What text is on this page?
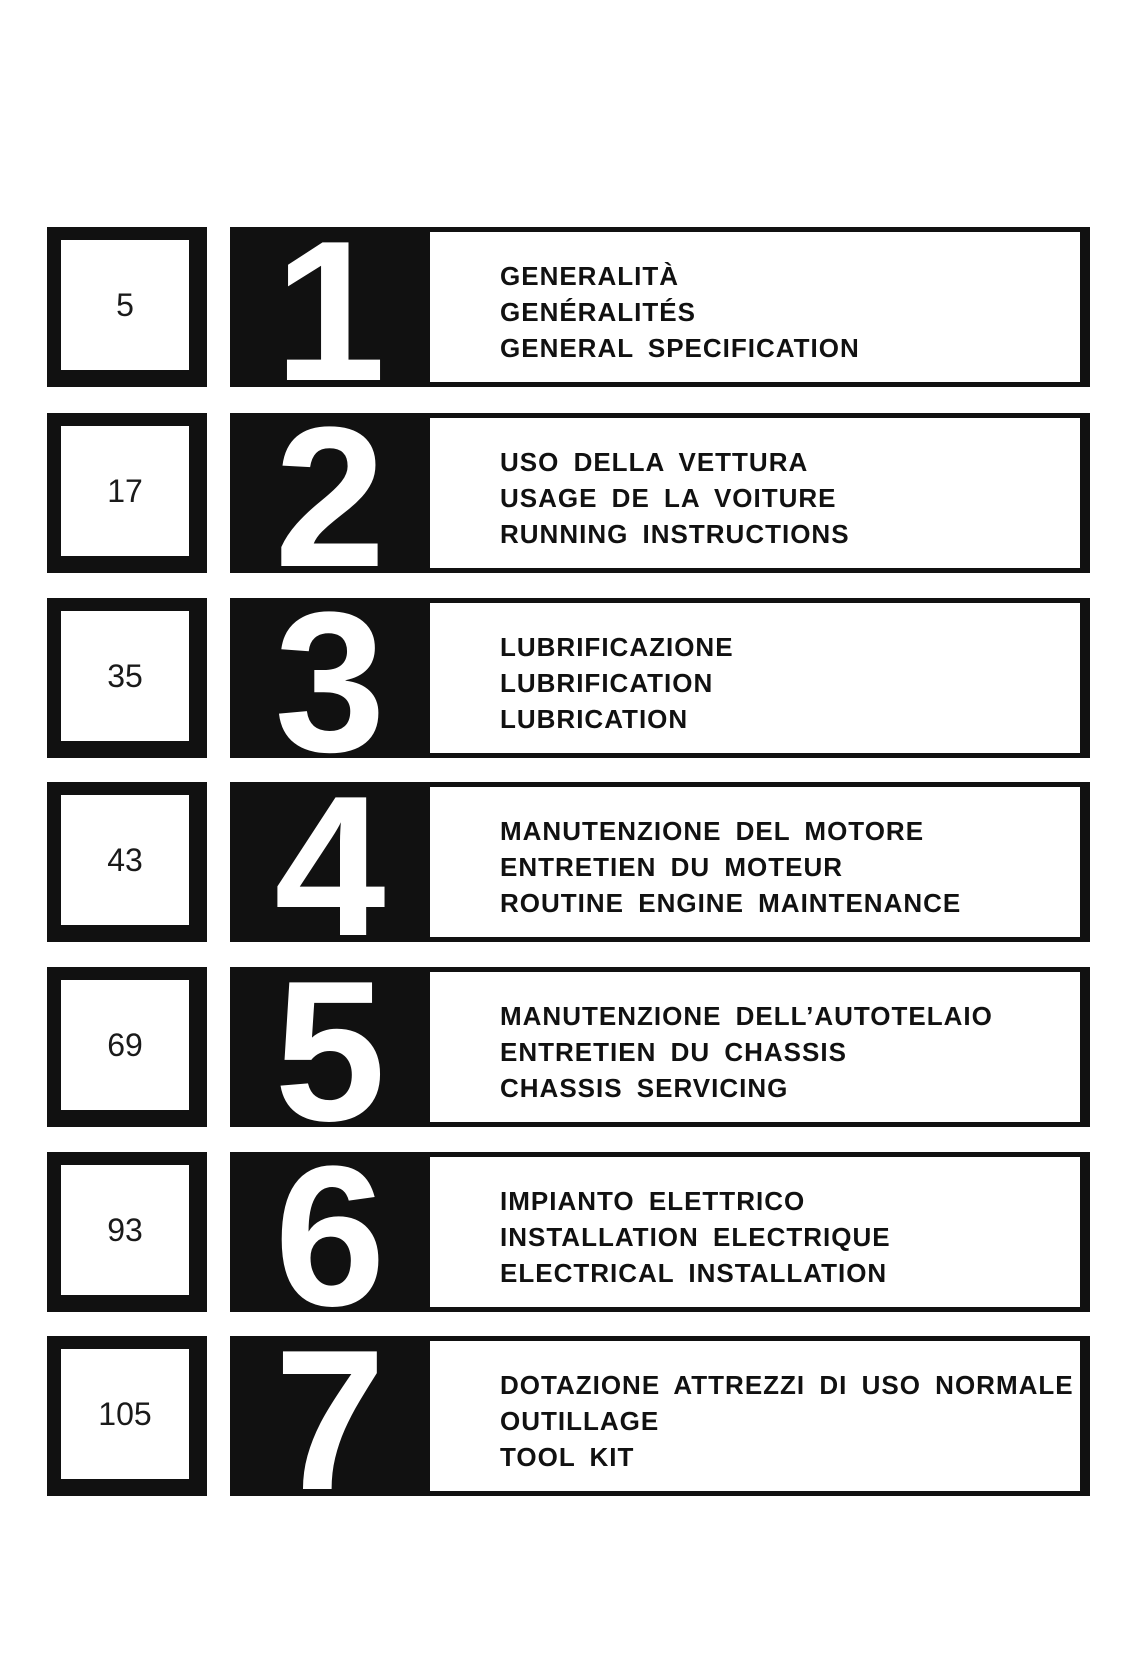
5 1	GENERALITÀ
GENÉRALITÉS
GENERAL SPECIFICATION
17 2	USO DELLA VETTURA
USAGE DE LA VOITURE
RUNNING INSTRUCTIONS
35 3	LUBRIFICAZIONE
LUBRIFICATION
LUBRICATION
43 4	MANUTENZIONE DEL MOTORE
ENTRETIEN DU MOTEUR
ROUTINE ENGINE MAINTENANCE
69 5	MANUTENZIONE DELL’AUTOTELAIO
ENTRETIEN DU CHASSIS
CHASSIS SERVICING
93 6	IMPIANTO ELETTRICO
INSTALLATION ELECTRIQUE
ELECTRICAL INSTALLATION
105 7	DOTAZIONE ATTREZZI DI USO NORMALE
OUTILLAGE
TOOL KIT
